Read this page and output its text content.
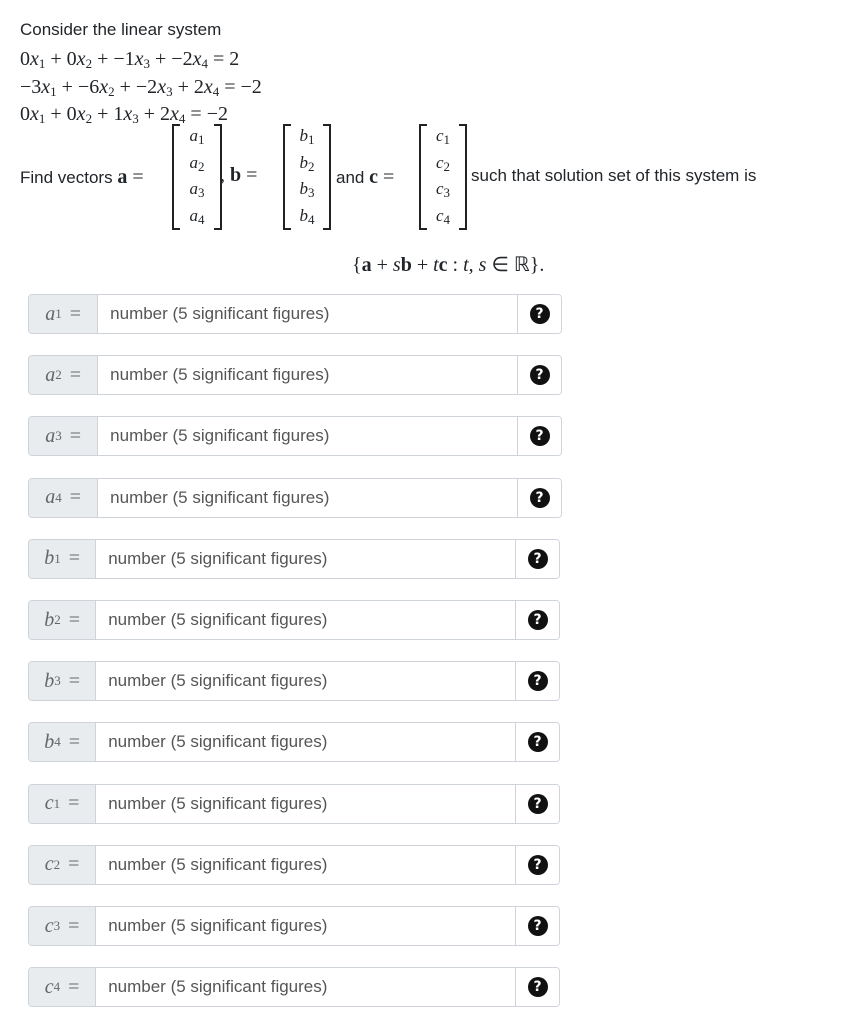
Consider the linear system
$0x_1 + 0x_2 + -1x_3 + -2x_4 = 2$
$-3x_1 + -6x_2 + -2x_3 + 2x_4 = -2$
$0x_1 + 0x_2 + 1x_3 + 2x_4 = -2$
Find vectors a =
$a_1$
$a_2$
$a_3$
$a_4$
, b =
$b_1$
$b_2$
$b_3$
$b_4$
and c =
$c_1$
$c_2$
$c_3$
$c_4$
such that solution set of this system is
{a + sb + tc : t, s ∈ ℝ}.
a 1 =
number (5 significant figures)	?
a 2 =
number (5 significant figures)	?
a 3 =
number (5 significant figures)	?
a 4 =
number (5 significant figures)	?
b 1 =
number (5 significant figures)	?
b 2 =
number (5 significant figures)	?
b 3 =
number (5 significant figures)	?
b 4 =
number (5 significant figures)	?
c 1 =
number (5 significant figures)	?
c 2 =
number (5 significant figures)	?
c 3 =
number (5 significant figures)	?
c 4 =
number (5 significant figures)	?
